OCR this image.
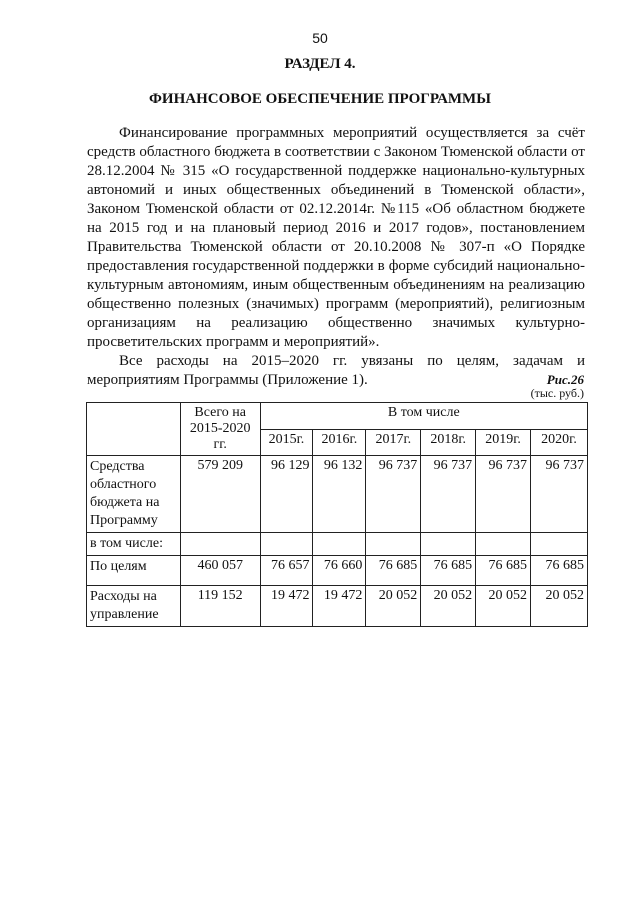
50
РАЗДЕЛ 4.
ФИНАНСОВОЕ ОБЕСПЕЧЕНИЕ ПРОГРАММЫ

Финансирование программных мероприятий осуществляется за счёт средств областного бюджета в соответствии с Законом Тюменской области от 28.12.2004 № 315 «О государственной поддержке национально-культурных автономий и иных общественных объединений в Тюменской области», Законом Тюменской области от 02.12.2014г. №115 «Об областном бюджете на 2015 год и на плановый период 2016 и 2017 годов», постановлением Правительства Тюменской области от 20.10.2008 № 307-п «О Порядке предоставления государственной поддержки в форме субсидий национально-культурным автономиям, иным общественным объединениям на реализацию общественно полезных (значимых) программ (мероприятий), религиозным организациям на реализацию общественно значимых культурно-просветительских программ и мероприятий».

Все расходы на 2015–2020 гг. увязаны по целям, задачам и мероприятиям Программы (Приложение 1).	Рис.26
(тыс. руб.)
	Всего на 2015-2020 гг.	В том числе					
		2015г.	2016г.	2017г.	2018г.	2019г.	2020г.
Средства областного бюджета на Программу	579 209	96 129	96 132	96 737	96 737	96 737	96 737
в том числе:							
По целям	460 057	76 657	76 660	76 685	76 685	76 685	76 685
Расходы на управление	119 152	19 472	19 472	20 052	20 052	20 052	20 052
